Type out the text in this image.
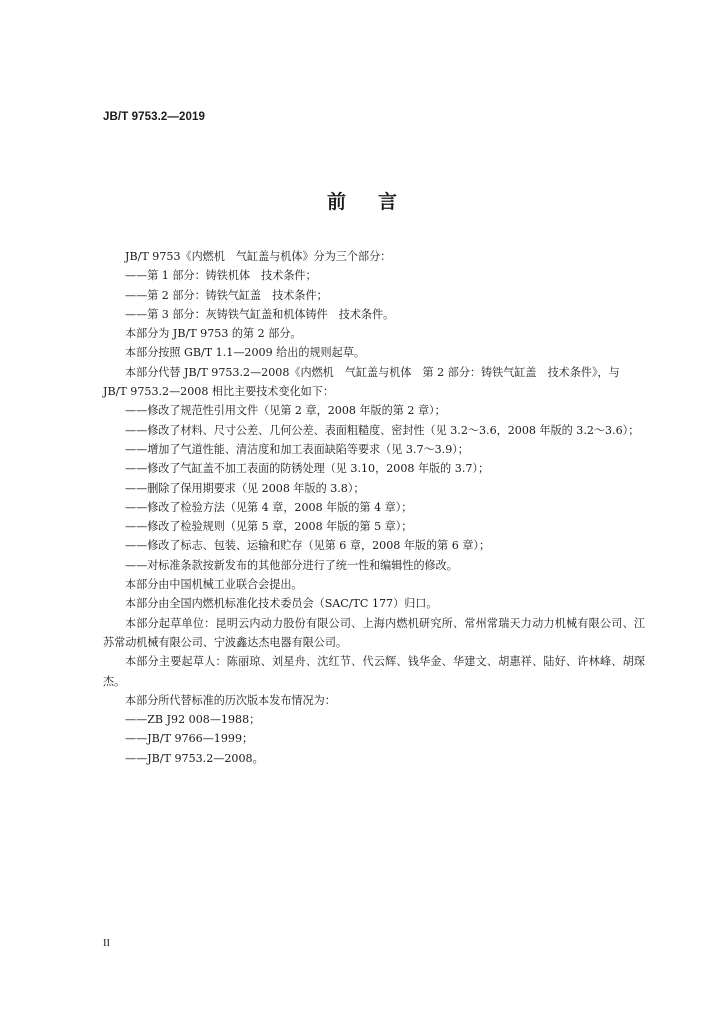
JB/T 9753.2—2019
前言

JB/T 9753《内燃机　气缸盖与机体》分为三个部分：

——第 1 部分：铸铁机体　技术条件；

——第 2 部分：铸铁气缸盖　技术条件；

——第 3 部分：灰铸铁气缸盖和机体铸件　技术条件。

本部分为 JB/T 9753 的第 2 部分。

本部分按照 GB/T 1.1—2009 给出的规则起草。

本部分代替 JB/T 9753.2—2008《内燃机　气缸盖与机体　第 2 部分：铸铁气缸盖　技术条件》，与

JB/T 9753.2—2008 相比主要技术变化如下：

——修改了规范性引用文件（见第 2 章，2008 年版的第 2 章）；

——修改了材料、尺寸公差、几何公差、表面粗糙度、密封性（见 3.2～3.6，2008 年版的 3.2～3.6）；

——增加了气道性能、清洁度和加工表面缺陷等要求（见 3.7～3.9）；

——修改了气缸盖不加工表面的防锈处理（见 3.10，2008 年版的 3.7）；

——删除了保用期要求（见 2008 年版的 3.8）；

——修改了检验方法（见第 4 章，2008 年版的第 4 章）；

——修改了检验规则（见第 5 章，2008 年版的第 5 章）；

——修改了标志、包装、运输和贮存（见第 6 章，2008 年版的第 6 章）；

——对标准条款按新发布的其他部分进行了统一性和编辑性的修改。

本部分由中国机械工业联合会提出。

本部分由全国内燃机标准化技术委员会（SAC/TC 177）归口。

本部分起草单位：昆明云内动力股份有限公司、上海内燃机研究所、常州常瑞天力动力机械有限公司、江苏常动机械有限公司、宁波鑫达杰电器有限公司。

本部分主要起草人：陈丽琼、刘星舟、沈红节、代云辉、钱华金、华建文、胡惠祥、陆好、许林峰、胡琛杰。

本部分所代替标准的历次版本发布情况为：

——ZB J92 008—1988；

——JB/T 9766—1999；

——JB/T 9753.2—2008。

II
